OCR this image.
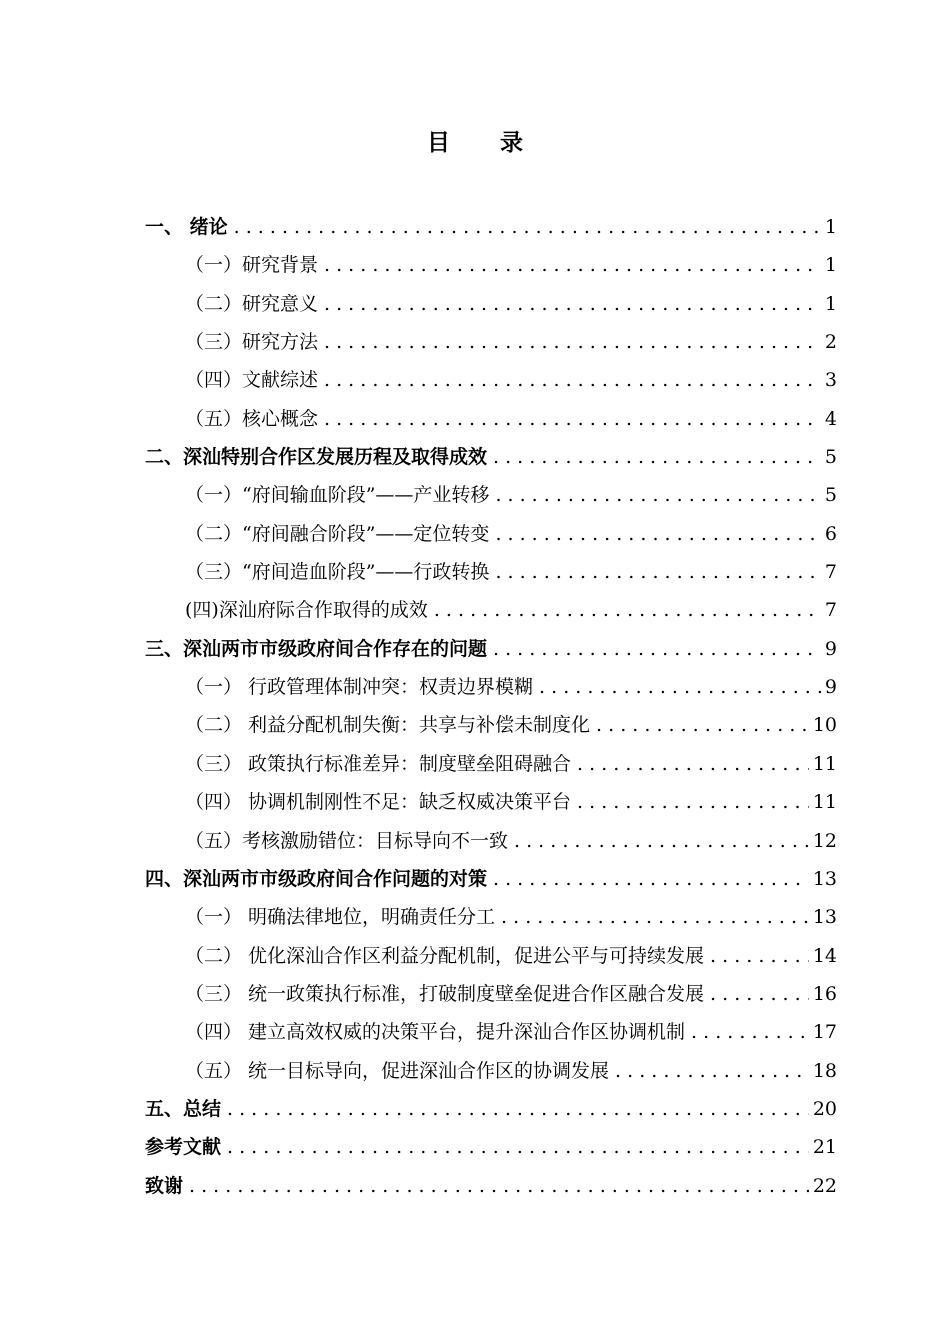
目 录
一、 绪论 . . .	1
（一）研究背景 . . .	1
（二）研究意义 . . .	1
（三）研究方法 . . .	2
（四）文献综述 . . .	3
（五）核心概念 . . .	4
二、深汕特别合作区发展历程及取得成效 . . .	5
（一）“府间输血阶段”——产业转移 . . .	5
（二）“府间融合阶段”——定位转变 . . .	6
（三）“府间造血阶段”——行政转换 . . .	7
(四)深汕府际合作取得的成效 . . .	7
三、深汕两市市级政府间合作存在的问题 . . .	9
（一） 行政管理体制冲突：权责边界模糊 . . .	9
（二） 利益分配机制失衡：共享与补偿未制度化 . . .	10
（三） 政策执行标准差异：制度壁垒阻碍融合 . . .	11
（四） 协调机制刚性不足：缺乏权威决策平台 . . .	11
（五）考核激励错位：目标导向不一致 . . .	12
四、深汕两市市级政府间合作问题的对策 . . .	13
（一） 明确法律地位，明确责任分工 . . .	13
（二） 优化深汕合作区利益分配机制，促进公平与可持续发展 . . .	14
（三） 统一政策执行标准，打破制度壁垒促进合作区融合发展 . . .	16
（四） 建立高效权威的决策平台，提升深汕合作区协调机制 . . .	17
（五） 统一目标导向，促进深汕合作区的协调发展 . . .	18
五、总结 . . .	20
参考文献 . . .	21
致谢 . . .	22
